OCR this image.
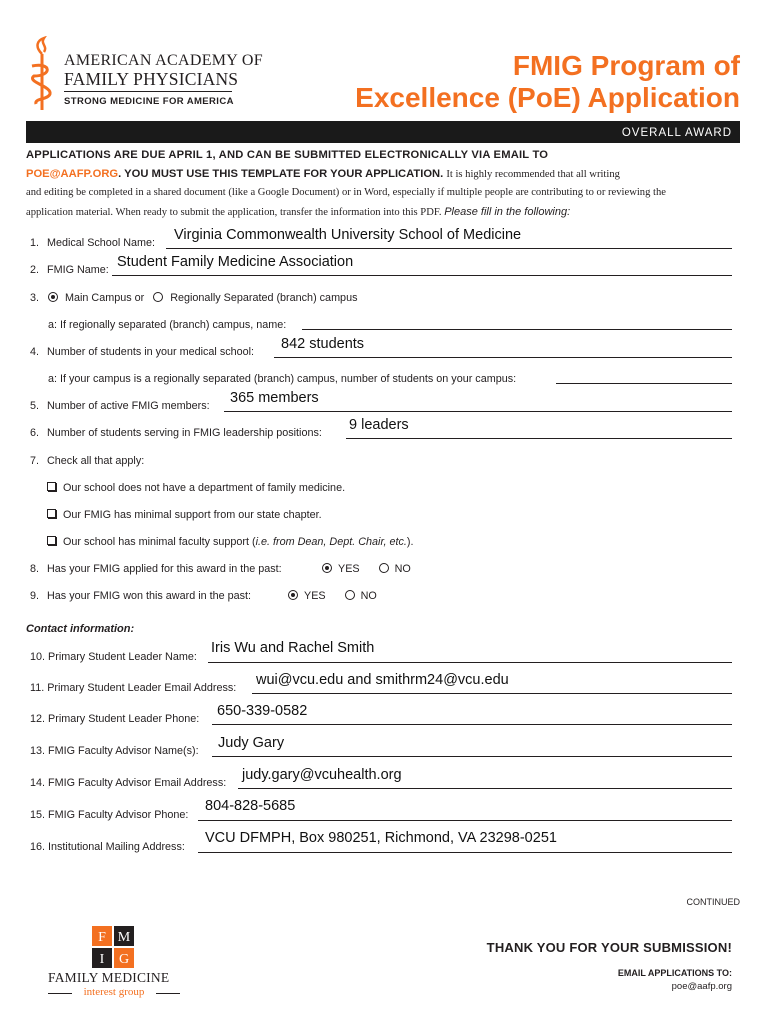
AMERICAN ACADEMY OF
FAMILY PHYSICIANS
STRONG MEDICINE FOR AMERICA
FMIG Program of
Excellence (PoE) Application
OVERALL AWARD
APPLICATIONS ARE DUE APRIL 1, AND CAN BE SUBMITTED ELECTRONICALLY VIA EMAIL TO
POE@AAFP.ORG. YOU MUST USE THIS TEMPLATE FOR YOUR APPLICATION. It is highly recommended that all writing
and editing be completed in a shared document (like a Google Document) or in Word, especially if multiple people are contributing to or reviewing the
application material. When ready to submit the application, transfer the information into this PDF. Please fill in the following:
1. Medical School Name: Virginia Commonwealth University School of Medicine
2. FMIG Name: Student Family Medicine Association
3.	Main Campus or Regionally Separated (branch) campus
a: If regionally separated (branch) campus, name:
4. Number of students in your medical school: 842 students
a: If your campus is a regionally separated (branch) campus, number of students on your campus:
5. Number of active FMIG members: 365 members
6. Number of students serving in FMIG leadership positions: 9 leaders
7. Check all that apply:
Our school does not have a department of family medicine.
Our FMIG has minimal support from our state chapter.
Our school has minimal faculty support (i.e. from Dean, Dept. Chair, etc.).
8. Has your FMIG applied for this award in the past:	YES	NO
9. Has your FMIG won this award in the past:	YES	NO
Contact information:
10. Primary Student Leader Name:
Iris Wu and Rachel Smith
11. Primary Student Leader Email Address: wui@vcu.edu and smithrm24@vcu.edu
12. Primary Student Leader Phone: 650-339-0582
13. FMIG Faculty Advisor Name(s): Judy Gary
14. FMIG Faculty Advisor Email Address: judy.gary@vcuhealth.org
15. FMIG Faculty Advisor Phone:
804-828-5685
16. Institutional Mailing Address:
VCU DFMPH, Box 980251, Richmond, VA 23298-0251
CONTINUED
F M
I G
FAMILY MEDICINE
interest group
THANK YOU FOR YOUR SUBMISSION!
EMAIL APPLICATIONS TO:
poe@aafp.org
